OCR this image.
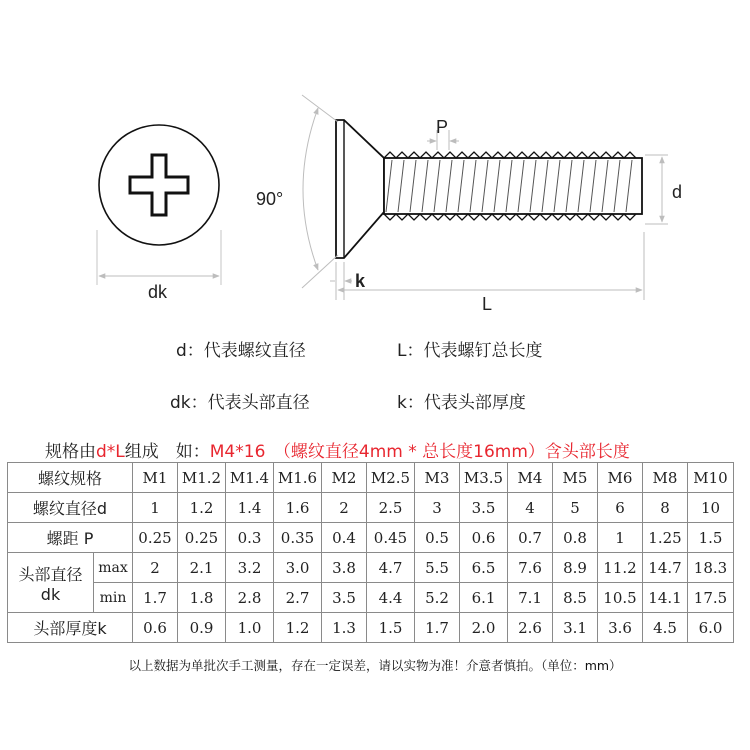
90°
dk
k
P
d
L
d：代表螺纹直径	L：代表螺钉总长度
dk：代表头部直径	k：代表头部厚度
规格由d*L组成　如：M4*16　（螺纹直径4mm * 总长度16mm）含头部长度
螺纹规格		M1	M1.2	M1.4	M1.6	M2	M2.5	M3	M3.5	M4	M5	M6	M8	M10
螺纹直径d		1	1.2	1.4	1.6	2	2.5	3	3.5	4	5	6	8	10
螺距 P		0.25	0.25	0.3	0.35	0.4	0.45	0.5	0.6	0.7	0.8	1	1.25	1.5

头部直径
dk	max	2	2.1	3.2	3.0	3.8	4.7	5.5	6.5	7.6	8.9	11.2	14.7	18.3
	min	1.7	1.8	2.8	2.7	3.5	4.4	5.2	6.1	7.1	8.5	10.5	14.1	17.5
头部厚度k		0.6	0.9	1.0	1.2	1.3	1.5	1.7	2.0	2.6	3.1	3.6	4.5	6.0
以上数据为单批次手工测量，存在一定误差，请以实物为准！介意者慎拍。（单位：mm）
